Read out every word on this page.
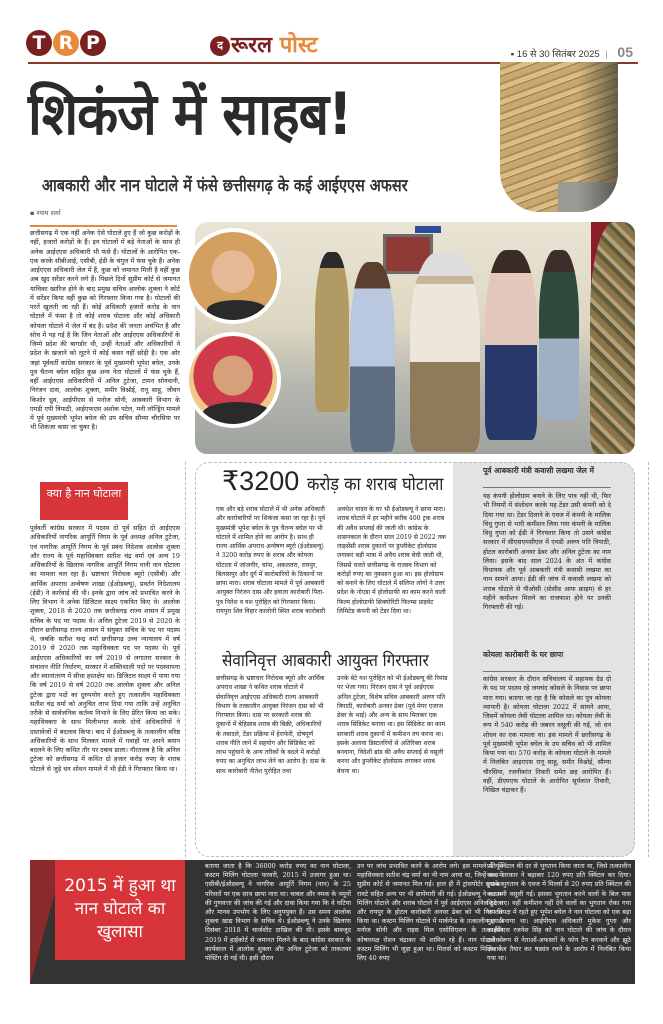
T R P	द रूरल पोस्ट	▪ 16 से 30 सितंबर 2025 | 05
शिकंजे में साहब!
आबकारी और नान घोटाले में फंसे छत्तीसगढ़ के कई आईएएस अफसर
▪ श्याम शर्मा
छत्तीसगढ़ में एक नहीं अनेक ऐसे घोटाले हुए हैं जो कुछ करोड़ों के नहीं, हजारों करोड़ों के हैं। इन घोटालों में बड़े नेताओं के साथ ही अनेक आईएएस अधिकारी भी फंसे हैं। घोटालों के आरोपित एक-एक करके सीबीआई, एसीबी, ईडी के चंगुल में फंस चुके हैं। अनेक आईएएस अधिकारी जेल में हैं, कुछ को जमानत मिली है वहीं कुछ अब खुद सरेंडर करने लगे हैं। पिछले दिनों सुप्रीम कोर्ट से जमानत याचिका खारिज होने के बाद प्रमुख सचिव आलोक शुक्ला ने कोर्ट में सरेंडर किया वहीं कुछ को गिरफ्तार किया गया है। घोटालों की परतें खुलती जा रही हैं। कोई अधिकारी हजारों करोड़ के नान घोटाले में फंसा है तो कोई शराब घोटाला और कोई अधिकारी कोयला घोटाले में जेल में बंद है। प्रदेश की जनता अचंभित है और सोच में पड़ गई है कि जिन नेताओं और आईएएस अधिकारियों के जिम्मे प्रदेश की बागडोर थी, उन्हीं नेताओं और अधिकारियों ने प्रदेश के खजाने को लूटने में कोई कसर नहीं छोड़ी है। एक ओर जहां पूर्ववर्ती कांग्रेस सरकार के पूर्व मुख्यमंत्री भूपेश बघेल, उनके पुत्र चैतन्य बघेल सहित कुछ अन्य नेता घोटालों में फंस चुके हैं, वहीं आईएएस अधिकारियों में अनिल टुटेजा, टामन सोनवानी, निरंजन दास, आलोक शुक्ला, समीर विश्नोई, रानू साहू, जीवन किशोर ध्रुव, आईपीएस से मनोज सोनी, आबकारी विभाग के एमडी एपी त्रिपाठी, आईएफएस अशोक पटेल, मनी लॉन्ड्रिंग मामले में पूर्व मुख्यमंत्री भूपेश बघेल की उप सचिव सौम्या चौरसिया पर भी शिकंजा कसा जा चुका है।
क्या है नान घोटाला
पूर्ववर्ती कांग्रेस सरकार में पदस्थ दो पूर्व सहित दो आईएएस अधिकारियों नागरिक आपूर्ति निगम के पूर्व अध्यक्ष अनिल टुटेजा, एवं नागरिक आपूर्ति निगम के पूर्व प्रबंध निदेशक आलोक शुक्ला और राज्य के पूर्व महाधिवक्ता सतीश चंद्र वर्मा एवं अन्य 19 अधिकारियों के खिलाफ नागरिक आपूर्ति निगम यानी नान घोटाला का मामला चल रहा है। भ्रष्टाचार निरोधक ब्यूरो (एसीबी) और आर्थिक अपराध अन्वेषण शाखा (ईओडब्ल्यू), प्रवर्तन निदेशालय (ईडी) ने कार्रवाई की थी। इनके द्वारा जांच को प्रभावित करने के लिए विभाग ने अनेक डिजिटल साक्ष्य एकत्रित किए थे। आलोक शुक्ला, 2018 से 2020 तक छत्तीसगढ़ राज्य शासन में प्रमुख सचिव के पद पर पदस्थ थे। अनिल टुटेजा 2019 से 2020 के दौरान छत्तीसगढ़ राज्य शासन में संयुक्त सचिव के पद पर पदस्थ थे, जबकि सतीश चन्द्र वर्मा छत्तीसगढ़ उच्च न्यायालय में वर्ष 2019 से 2020 तक महाधिवक्ता पद पर पदस्थ थे। पूर्व आईएएस अधिकारियों का वर्ष 2019 से लगातार सरकार के संचालन नीति निर्धारण, सरकार में शक्तिशाली पदों पर पदस्थापना और स्थानांतरण में सीधा हस्तक्षेप था। डिजिटल साक्ष्य में पाया गया कि वर्ष 2019 से वर्ष 2020 तक आलोक शुक्ला और अनिल टुटेजा द्वारा पदों का दुरुपयोग करते हुए तत्कालीन महाधिवक्ता सतीश चंद्र वर्मा को अनुचित लाभ दिया गया ताकि उन्हें अनुचित तरीके से सार्वजनिक कर्तव्य निभाने के लिए प्रेरित किया जा सके। महाधिवक्ता के साथ मिलीभगत करके दोनों अधिकारियों ने दस्तावेजों में बदलाव किया। बाद में ईओडब्ल्यू के तत्कालीन वरिष्ठ अधिकारियों के साथ मिलकर मामले में गवाहों पर अपने बयान बदलने के लिए कथित तौर पर दबाव डाला। गौरतलब है कि अनिल टुटेजा को छत्तीसगढ़ में कथित दो हजार करोड़ रुपए के शराब घोटाले से जुड़े धन शोधन मामले में भी ईडी ने गिरफ्तार किया था।
₹3200 करोड़ का शराब घोटाला
एक और बड़े शराब घोटाले में भी अनेक अधिकारी और कारोबारियों पर शिकंजा कसा जा रहा है। पूर्व मुख्यमंत्री भूपेश बघेल के पुत्र चैतन्य बघेल पर भी घोटाले में शामिल होने का आरोप है। साथ ही राज्य आर्थिक अपराध अन्वेषण ब्यूरो (ईओडब्ल्यू) ने 3200 करोड़ रुपए के शराब और कोयला घोटाला में जांजगीर, चांपा, अकलतरा, रायपुर, बिलासपुर और दुर्ग में कारोबारियों के ठिकानों पर छापा मारा। शराब घोटाला मामले में पूर्व आबकारी आयुक्त निरंजन दास और हवाला कारोबारी पिता-पुत्र नितेश व यश पुरोहित को गिरफ्तार किया। रायपुरा शिव विहार कालोनी स्थित शराब कारोबारी
अवधेश यादव के घर भी ईओडब्ल्यू ने छापा मारा। शराब घोटाले में हर महीने करीब 400 ट्रक शराब की अवैध सप्लाई की जाती थी। कांग्रेस के शासनकाल के दौरान साल 2019 से 2022 तक लाइसेंसी शराब दुकानों पर डुप्लीकेट होलोग्राम लगाकर बड़ी मात्रा में अवैध शराब बेची जाती थी, जिससे चलते छत्तीसगढ़ के राजस्व विभाग को करोड़ों रुपए का नुकसान हुआ था। इस होलोग्राम को बनाने के लिए घोटाले में संलिप्त लोगों ने उत्तर प्रदेश के नोएडा में होलोग्राफी का काम करने वाली फिल्म होलोग्राफी सिक्योरिटी फिल्म्स प्राइवेट लिमिटेड कंपनी को टेंडर दिया था।
सेवानिवृत्त आबकारी आयुक्त गिरफ्तार
छत्तीसगढ़ के भ्रष्टाचार निरोधक ब्यूरो और आर्थिक अपराध शाखा ने कथित शराब घोटाले में सेवानिवृत्त आईएएस अधिकारी राज्य आबकारी विभाग के तत्कालीन आयुक्त निरंजन दास को भी गिरफ्तार किया। दास पर सरकारी शराब की दुकानों में बेहिसाब शराब की बिक्री, अधिकारियों के तबादले, टेंडर प्रक्रिया में हेराफेरी, दोषपूर्ण शराब नीति लाने में सहयोग और सिंडिकेट को लाभ पहुंचाने के अन्य तरीकों के बदले में करोड़ों रुपए का अनुचित लाभ लेने का आरोप है। दास के साथ कारोबारी नीतेश पुरोहित तथा
उनके बेटे यश पुरोहित को भी ईओडब्ल्यू की रिमांड पर भेजा गया। निरंजन दास ने पूर्व आईएएस अनिल टुटेजा, विशेष सचिव आबकारी अरुण पति त्रिपाठी, कारोबारी अनवर ढेबर (पूर्व मेयर एजाज ढेबर के भाई) और अन्य के साथ मिलकर एक शराब सिंडिकेट बनाया था। इस सिंडिकेट का काम सरकारी शराब दुकानों में कमीशन तय करना था। इसके अलावा डिस्टलरियों से अतिरिक्त शराब बनवाना, विदेशी ब्रांड की अवैध सप्लाई से वसूली करना और डुप्लीकेट होलोग्राम लगाकर शराब बेचना था।
पूर्व आबकारी मंत्री कवासी लखमा जेल में
यह कंपनी होलोग्राम बनाने के लिए पात्र नहीं थी, फिर भी नियमों में संशोधन करके यह टेंडर उसी कंपनी को दे दिया गया था। टेंडर दिलाने के एवज में कंपनी के मालिक विधु गुप्ता से भारी कमीशन लिया गया कंपनी के मालिक विधु गुप्ता को ईडी ने गिरफ्तार किया तो उसने कांग्रेस सरकार में सीएसएमसीएल में एमडी अरुण पति त्रिपाठी, होटल कारोबारी अनवर ढेबर और अनिल टुटेजा का नाम लिया। इसके बाद साल 2024 के अंत में कांग्रेस विधायक और पूर्व आबकारी मंत्री कवासी लखमा का नाम सामने आया। ईडी की जांच में कवासी लखमा को शराब घोटाले से पीओसी (प्रोसीड आफ क्राइम) से हर महीने कमीशन मिलने का राजफाश होने पर उनकी गिरफ्तारी की गई।
कोयला कारोबारी के घर छापा
कांग्रेस सरकार के दौरान सचिवालय में सहायक ग्रेड दो के पद पर पदस्थ रहे जयचंद कोसले के निवास पर छापा मारा गया। बताया जा रहा है कि कोसले का पुत्र कोयला व्यापारी है। कोयला घोटाला 2022 में सामने आया, जिसमें कोयला लेवी घोटाला शामिल था। कोयला लेवी के रूप में 540 करोड़ की जबरन वसूली की गई, जो धन शोधन का एक मामला था। इस मामले में छत्तीसगढ़ के पूर्व मुख्यमंत्री भूपेश बघेल के उप सचिव को भी शामिल किया गया था। 570 करोड़ के कोयला घोटाले के मामले में निलंबित आइएएस रानू साहू, समीर विश्नोई, सौम्या चौरसिया, रजनीकांत तिवारी समेत छह आरोपित हैं। वहीं, डीएमएफ घोटाले के आरोपित सूर्यकांत तिवारी, निखिल चंद्राकर हैं।
2015 में हुआ था नान घोटाले का खुलासा
बताया जाता है कि 36000 करोड़ रुपए का नान घोटाला, कस्टम मिलिंग घोटाला फरवरी, 2015 में उजागर हुआ था। एसीबी/ईओडब्ल्यू ने नागरिक आपूर्ति निगम (नान) के 25 परिसरों पर एक साथ छापा मारा था। चावल और नमक के नमूनों की गुणवत्ता की जांच की गई और दावा किया गया कि वे घटिया और मानव उपभोग के लिए अनुपयुक्त हैं। उस समय आलोक शुक्ला खाद्य विभाग के सचिव थे। ईओडब्ल्यू ने उनके खिलाफ दिसंबर 2018 में चार्जशीट दाखिल की थी। इसके बावजूद 2019 में हाईकोर्ट से जमानत मिलने के बाद कांग्रेस सरकार के कार्यकाल में आलोक शुक्ला और अनिल टुटेजा को ताकतवर पोस्टिंग दी गई थी। इसी दौरान
उन पर जांच प्रभावित करने के आरोप लगे। इस मामले में पूर्व महाधिवक्ता सतीश चंद्र वर्मा का भी नाम आया था, जिन्हें बाद में सुप्रीम कोर्ट से जमानत मिल गई। हाल ही में ट्रांसपोर्टर सुधाकर रावटे सहित अन्य पर भी छापेमारी की गई। ईओडब्ल्यू ने कस्टम मिलिंग घोटाले और शराब घोटाले में पूर्व आईएएस अनिल टुटेजा और रायपुर के होटल कारोबारी अनवर ढेबर को भी गिरफ्तार किया था। कस्टम मिलिंग घोटाले में मार्कफेड के तत्कालीन एमडी मनोज सोनी और राइस मिल एसोसिएशन के तत्कालीन कोषाध्यक्ष रोशन चंद्राकर भी शामिल रहे हैं। नान घोटाले से कस्टम मिलिंग भी जुड़ा हुआ था। मिलर्स को कस्टम मिलिंग के लिए 40 रुपए
प्रति क्विंटल की दर से भुगतान किया जाता था, जिसे तत्कालीन राज्य सरकार ने बढ़ाकर 120 रुपए प्रति क्विंटल कर दिया। इसके भुगतान के एवज में मिलर्स से 20 रुपए प्रति क्विंटल की कट मनी वसूली गई। इसका भुगतान करने वालों के बिल पास किए गए। वहीं कमीशन नहीं देने वालों का भुगतान रोका गया था। विपक्ष में रहते हुए भूपेश बघेल ने नान घोटाला को एक बड़ा मुद्दा बनाया था। आईपीएस अधिकारी मुकेश गुप्ता और आईपीएस रजनेश सिंह को नान घोटाले की जांच के दौरान अवैध रूप से नेताओं-अफसरों के फोन टैप करवाने और झूठे दस्तावेज तैयार कर षड्यंत्र रचने के आरोप में निलंबित किया गया था।
